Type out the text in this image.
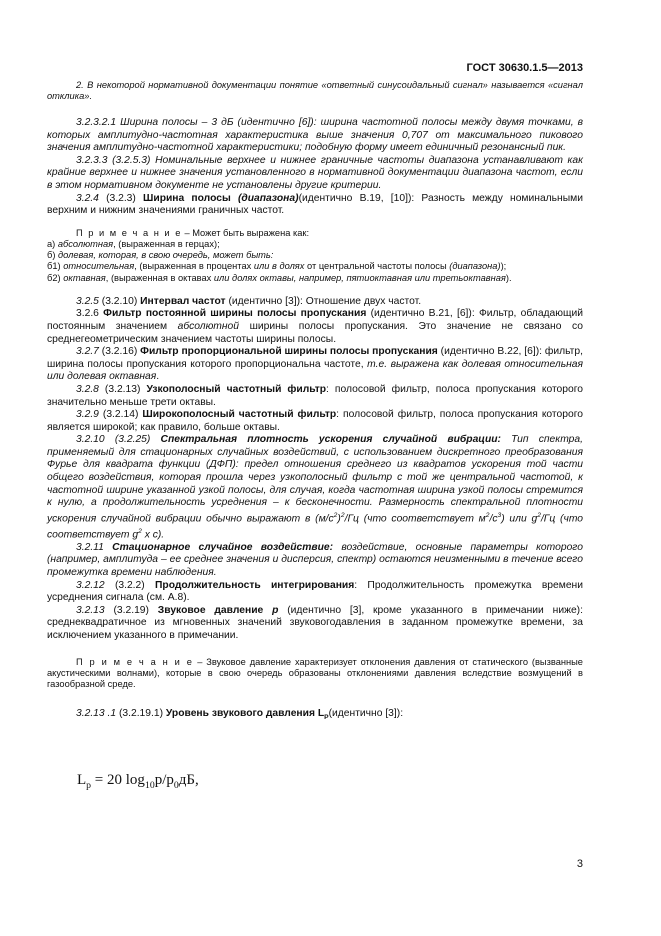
ГОСТ 30630.1.5—2013

2. В некоторой нормативной документации понятие «ответный синусоидальный сигнал» называется «сигнал отклика».

3.2.3.2.1 Ширина полосы – 3 дБ (идентично [6]): ширина частотной полосы между двумя точками, в которых амплитудно-частотная характеристика выше значения 0,707 от максимального пикового значения амплитудно-частотной характеристики; подобную форму имеет единичный резонансный пик.

3.2.3.3 (3.2.5.3) Номинальные верхнее и нижнее граничные частоты диапазона устанавливают как крайние верхнее и нижнее значения установленного в нормативной документации диапазона частот, если в этом нормативном документе не установлены другие критерии.

3.2.4 (3.2.3) Ширина полосы (диапазона)(идентично В.19, [10]): Разность между номинальными верхним и нижним значениями граничных частот.

П р и м е ч а н и е – Может быть выражена как:

а) абсолютная, (выраженная в герцах);

б) долевая, которая, в свою очередь, может быть:

б1) относительная, (выраженная в процентах или в долях от центральной частоты полосы (диапазона));

б2) октавная, (выраженная в октавах или долях октавы, например, пятиоктавная или третьоктавная).

3.2.5 (3.2.10) Интервал частот (идентично [3]): Отношение двух частот.

3.2.6 Фильтр постоянной ширины полосы пропускания (идентично В.21, [6]): Фильтр, обладающий постоянным значением абсолютной ширины полосы пропускания. Это значение не связано со среднегеометрическим значением частоты ширины полосы.

3.2.7 (3.2.16) Фильтр пропорциональной ширины полосы пропускания (идентично В.22, [6]): фильтр, ширина полосы пропускания которого пропорциональна частоте, т.е. выражена как долевая относительная или долевая октавная.

3.2.8 (3.2.13) Узкополосный частотный фильтр: полосовой фильтр, полоса пропускания которого значительно меньше трети октавы.

3.2.9 (3.2.14) Широкополосный частотный фильтр: полосовой фильтр, полоса пропускания которого является широкой; как правило, больше октавы.

3.2.10 (3.2.25) Спектральная плотность ускорения случайной вибрации: Тип спектра, применяемый для стационарных случайных воздействий, с использованием дискретного преобразования Фурье для квадрата функции (ДФП): предел отношения среднего из квадратов ускорения той части общего воздействия, которая прошла через узкополосный фильтр с той же центральной частотой, к частотной ширине указанной узкой полосы, для случая, когда частотная ширина узкой полосы стремится к нулю, а продолжительность усреднения – к бесконечности. Размерность спектральной плотности ускорения случайной вибрации обычно выражают в $(м/с^2)^2/Гц$ (что соответствует $м^2/с^3$) или $g^2/Гц$ (что соответствует $g^2$ х с).

3.2.11 Стационарное случайное воздействие: воздействие, основные параметры которого (например, амплитуда – ее среднее значения и дисперсия, спектр) остаются неизменными в течение всего промежутка времени наблюдения.

3.2.12 (3.2.2) Продолжительность интегрирования: Продолжительность промежутка времени усреднения сигнала (см. А.8).

3.2.13 (3.2.19) Звуковое давление р (идентично [3], кроме указанного в примечании ниже): среднеквадратичное из мгновенных значений звуковогодавления в заданном промежутке времени, за исключением указанного в примечании.

П р и м е ч а н и е – Звуковое давление характеризует отклонения давления от статического (вызванные акустическими волнами), которые в свою очередь образованы отклонениями давления вследствие возмущений в газообразной среде.

3.2.13 .1 (3.2.19.1) Уровень звукового давления $L_P(идентично$ [3]):

$L_p = 20$ $\log_{10}p/p_0дБ$,
3
